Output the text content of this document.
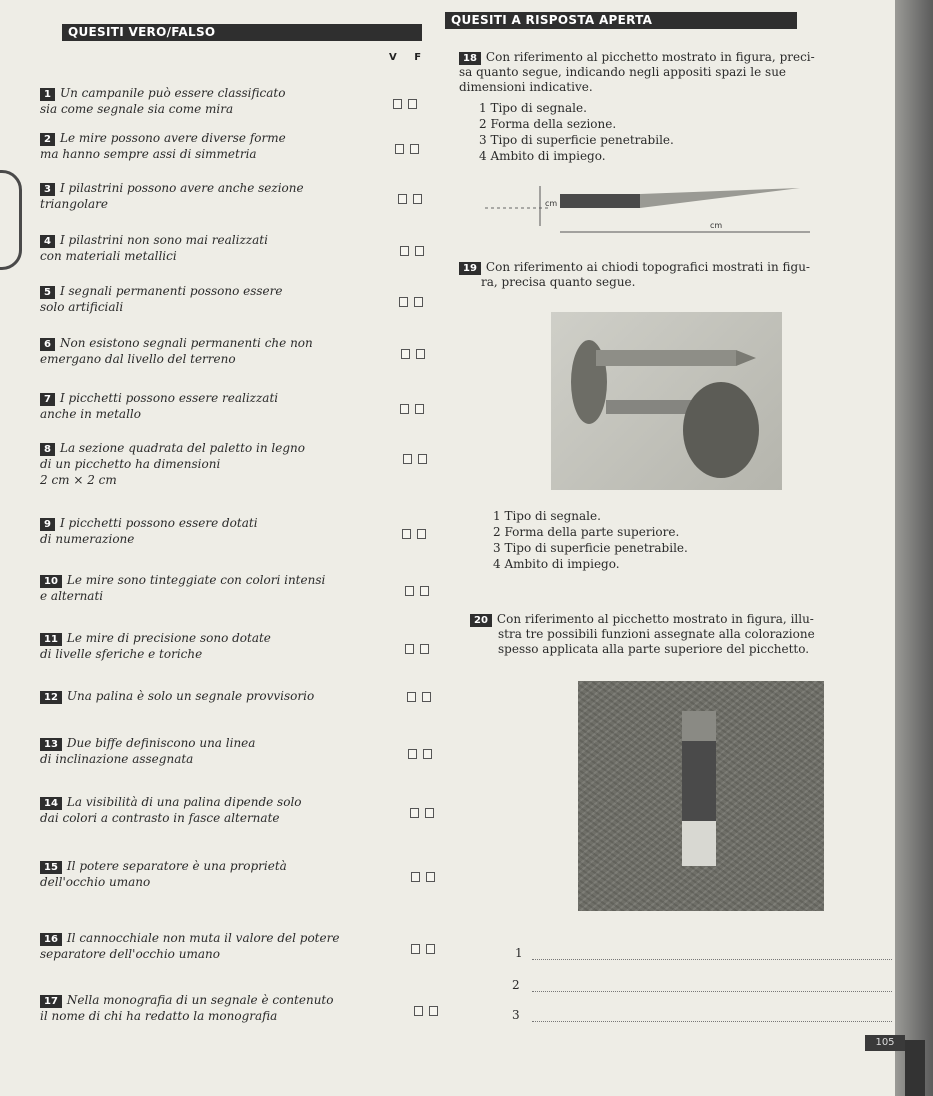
QUESITI VERO/FALSO
QUESITI A RISPOSTA APERTA
V F
1 Un campanile può essere classificato
sia come segnale sia come mira
2 Le mire possono avere diverse forme
ma hanno sempre assi di simmetria
3 I pilastrini possono avere anche sezione
triangolare
4 I pilastrini non sono mai realizzati
con materiali metallici
5 I segnali permanenti possono essere
solo artificiali
6 Non esistono segnali permanenti che non
emergano dal livello del terreno
7 I picchetti possono essere realizzati
anche in metallo
8 La sezione quadrata del paletto in legno
di un picchetto ha dimensioni
2 cm × 2 cm
9 I picchetti possono essere dotati
di numerazione
10 Le mire sono tinteggiate con colori intensi
e alternati
11 Le mire di precisione sono dotate
di livelle sferiche e toriche
12 Una palina è solo un segnale provvisorio
13 Due biffe definiscono una linea
di inclinazione assegnata
14 La visibilità di una palina dipende solo
dai colori a contrasto in fasce alternate
15 Il potere separatore è una proprietà
dell'occhio umano
16 Il cannocchiale non muta il valore del potere
separatore dell'occhio umano
17 Nella monografia di un segnale è contenuto
il nome di chi ha redatto la monografia
18 Con riferimento al picchetto mostrato in figura, preci-
sa quanto segue, indicando negli appositi spazi le sue
dimensioni indicative.
1 Tipo di segnale.
2 Forma della sezione.
3 Tipo di superficie penetrabile.
4 Ambito di impiego.
cm
cm
19 Con riferimento ai chiodi topografici mostrati in figu-
ra, precisa quanto segue.
1 Tipo di segnale.
2 Forma della parte superiore.
3 Tipo di superficie penetrabile.
4 Ambito di impiego.
20 Con riferimento al picchetto mostrato in figura, illu-
stra tre possibili funzioni assegnate alla colorazione
spesso applicata alla parte superiore del picchetto.
1
2
3
105
